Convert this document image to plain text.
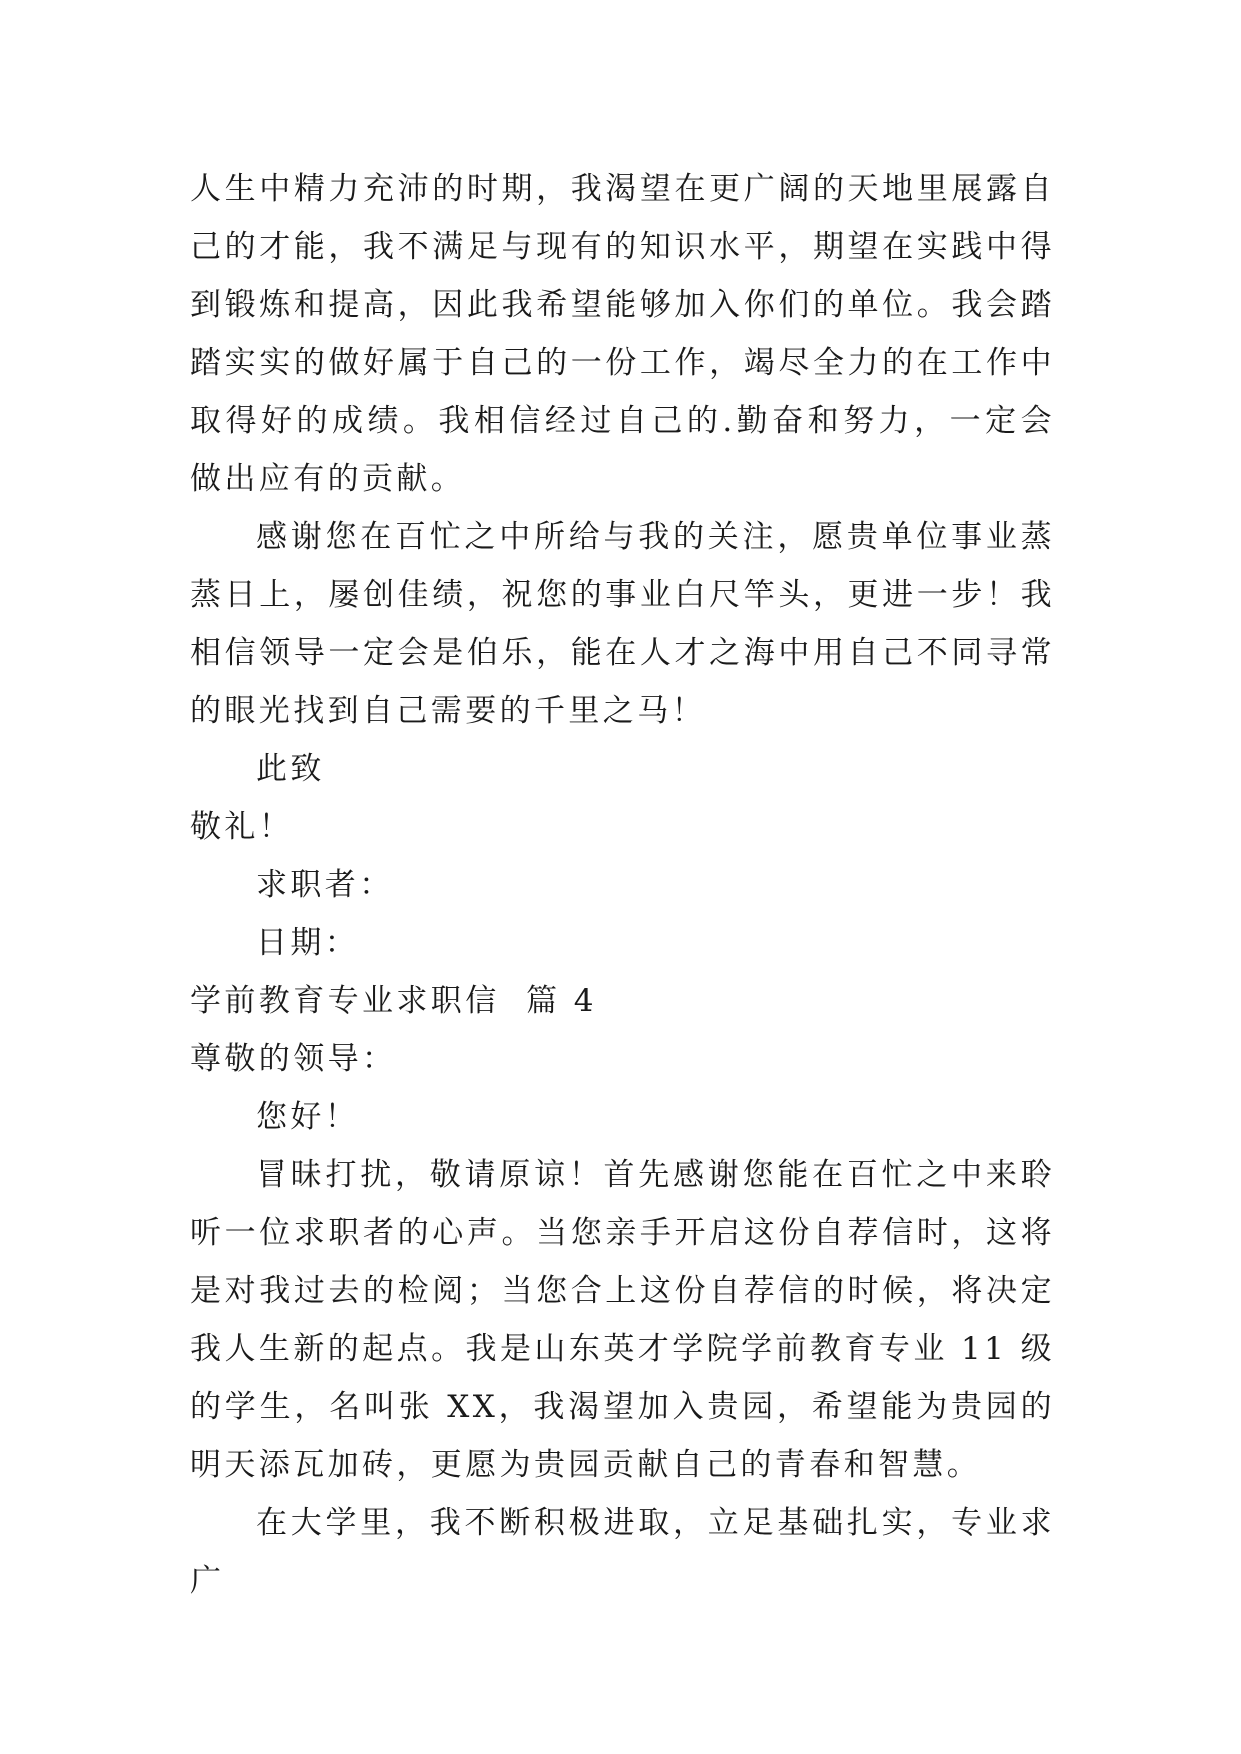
人生中精力充沛的时期，我渴望在更广阔的天地里展露自己的才能，我不满足与现有的知识水平，期望在实践中得到锻炼和提高，因此我希望能够加入你们的单位。我会踏踏实实的做好属于自己的一份工作，竭尽全力的在工作中取得好的成绩。我相信经过自己的.勤奋和努力，一定会做出应有的贡献。

感谢您在百忙之中所给与我的关注，愿贵单位事业蒸蒸日上，屡创佳绩，祝您的事业白尺竿头，更进一步！我相信领导一定会是伯乐，能在人才之海中用自己不同寻常的眼光找到自己需要的千里之马！

此致

敬礼！

求职者：

日期：

学前教育专业求职信  篇 4

尊敬的领导：

您好！

冒昧打扰，敬请原谅！首先感谢您能在百忙之中来聆听一位求职者的心声。当您亲手开启这份自荐信时，这将是对我过去的检阅；当您合上这份自荐信的时候，将决定我人生新的起点。我是山东英才学院学前教育专业 11 级的学生，名叫张 XX，我渴望加入贵园，希望能为贵园的明天添瓦加砖，更愿为贵园贡献自己的青春和智慧。

在大学里，我不断积极进取，立足基础扎实，专业求广
